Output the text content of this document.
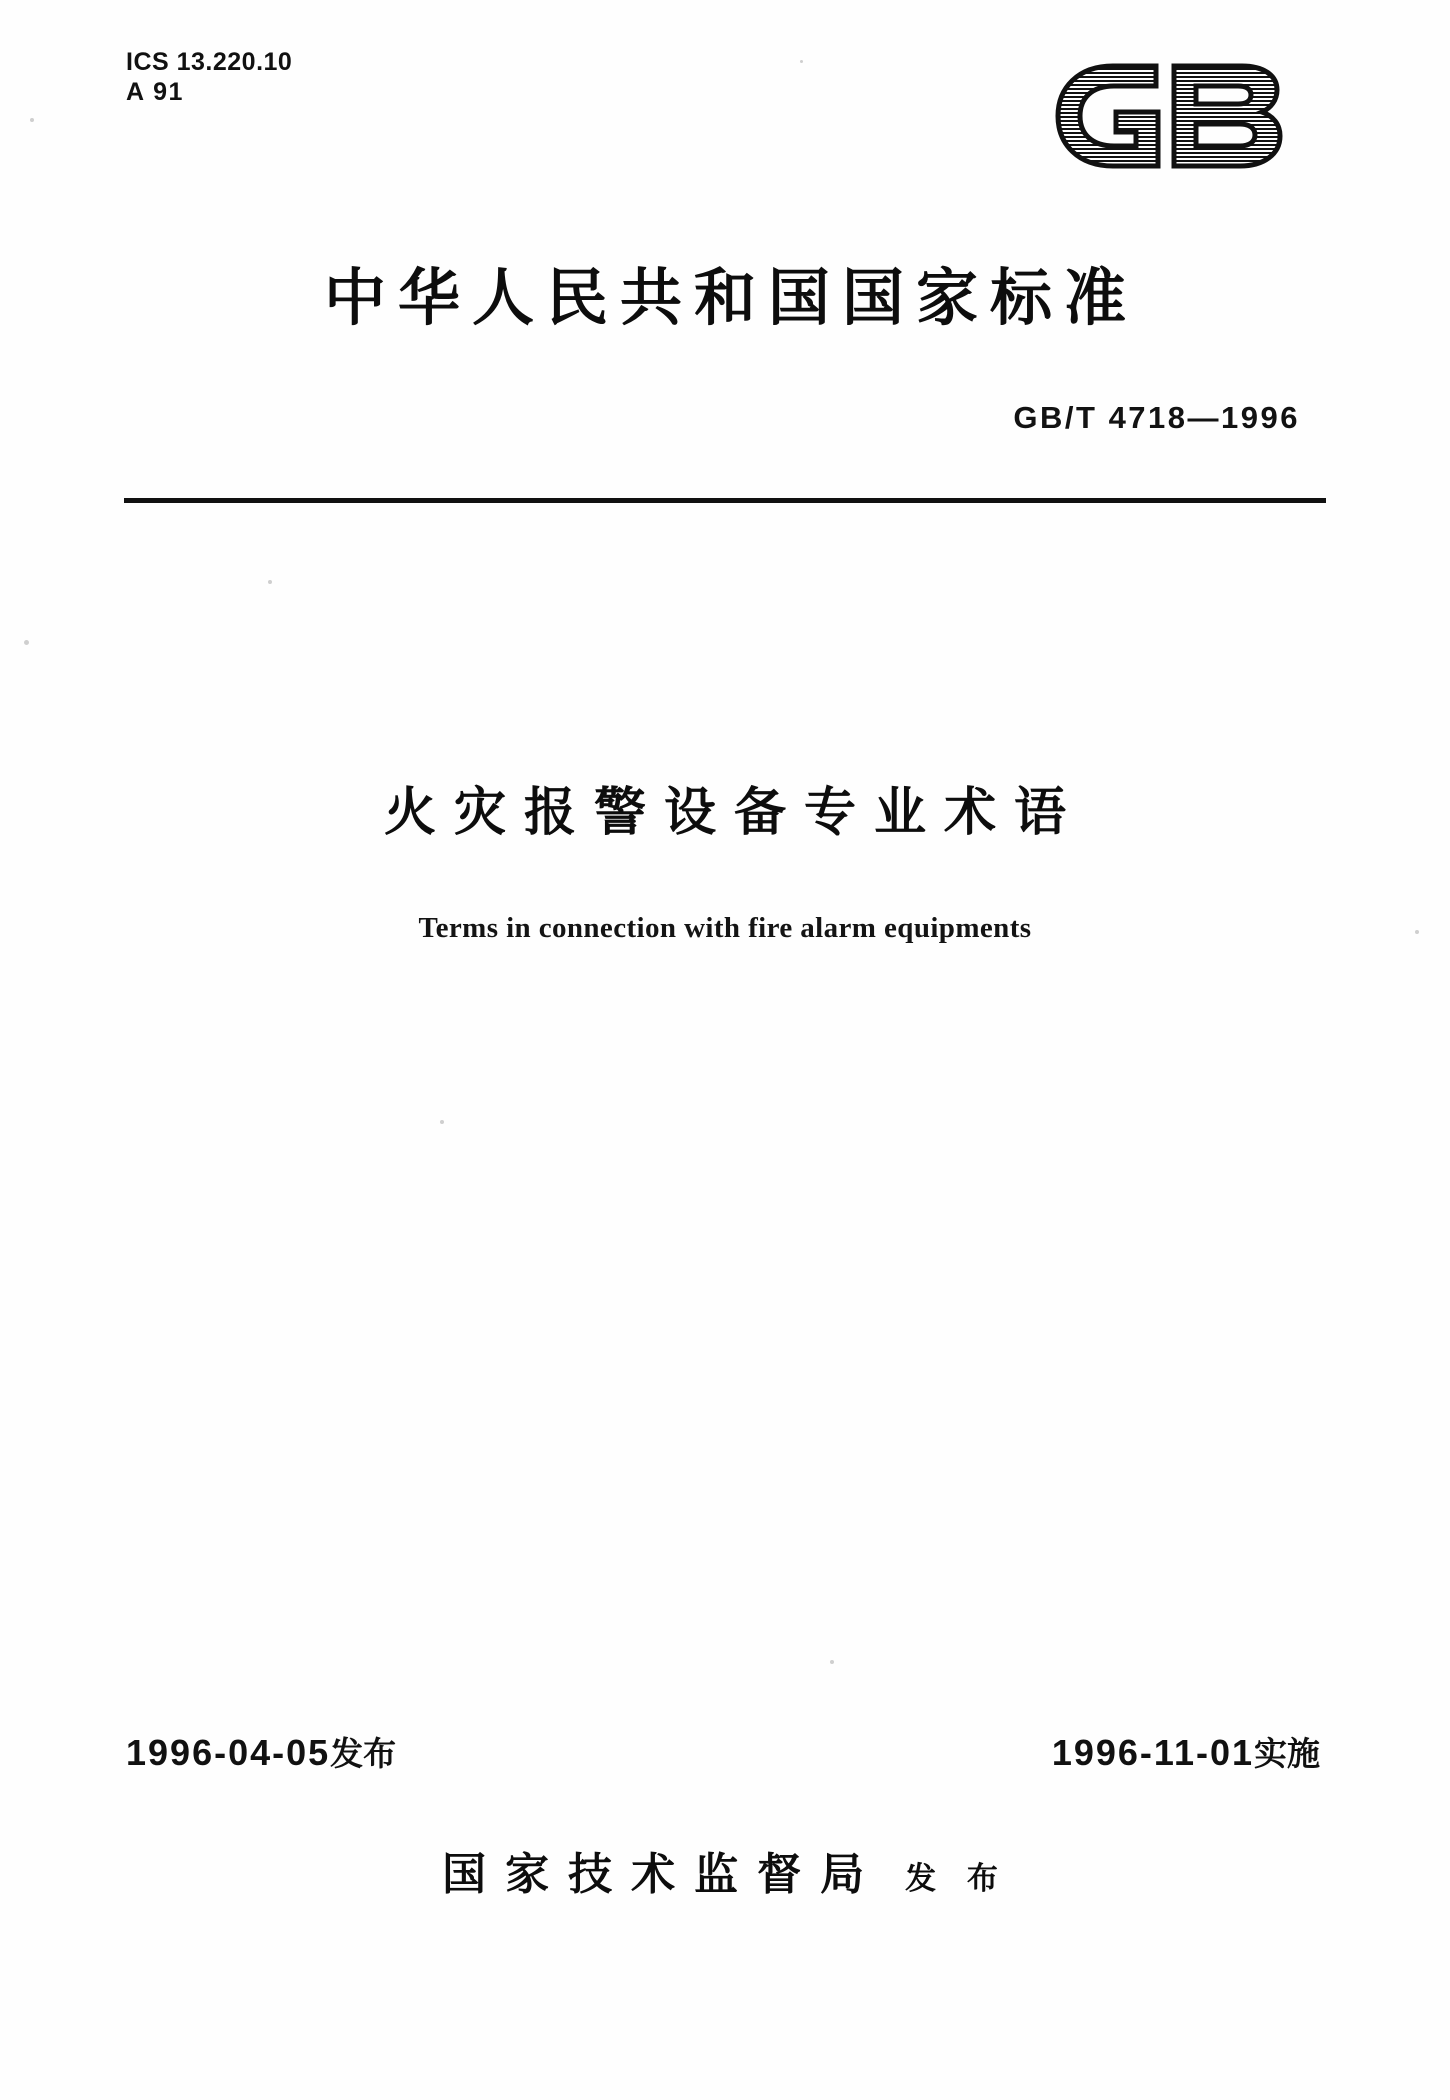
ICS 13.220.10
A 91
中华人民共和国国家标准
GB/T 4718—1996
火灾报警设备专业术语
Terms in connection with fire alarm equipments
1996-04-05发布	1996-11-01实施
国家技术监督局 发 布
